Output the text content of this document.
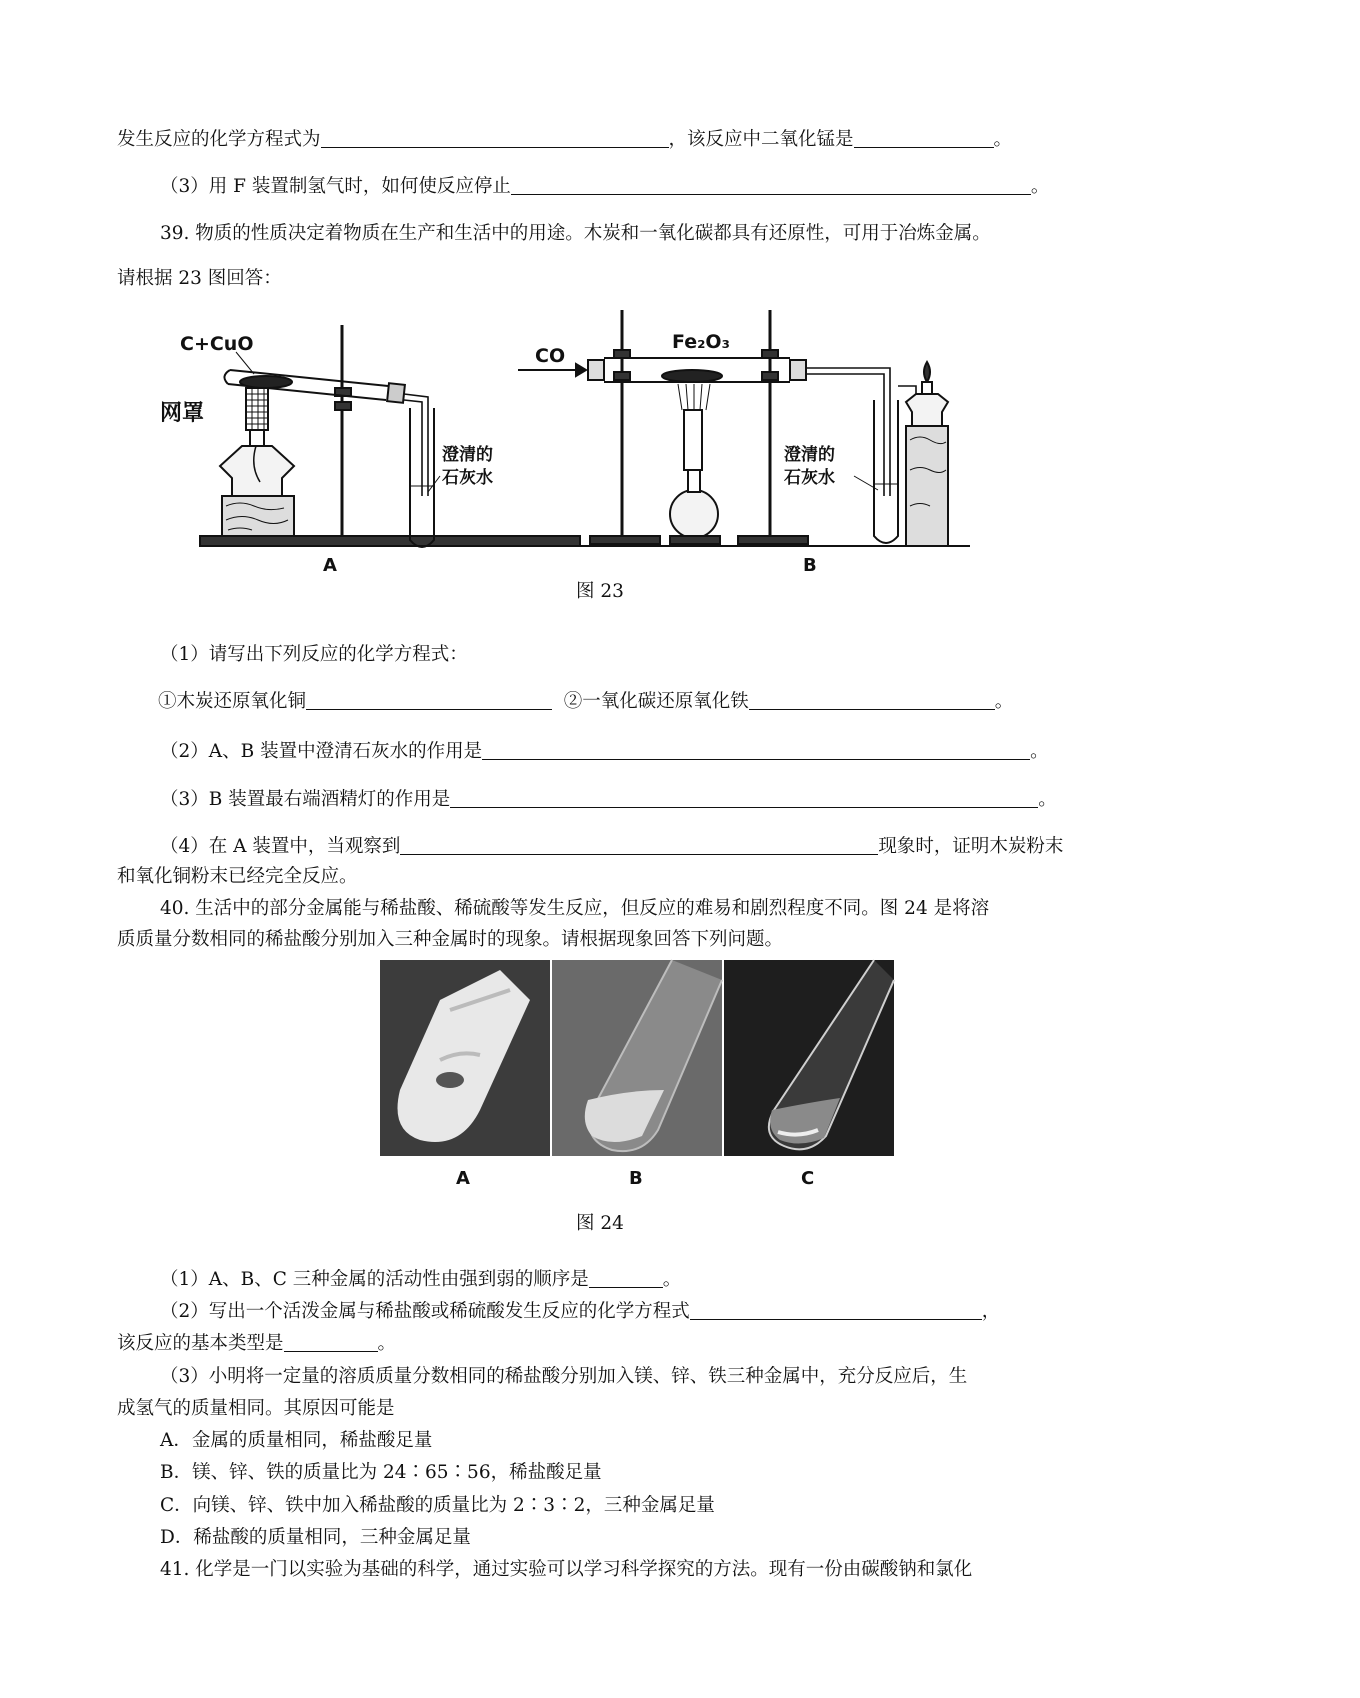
发生反应的化学方程式为	，该反应中二氧化锰是	。
（3）用 F 装置制氢气时，如何使反应停止	。
39. 物质的性质决定着物质在生产和生活中的用途。木炭和一氧化碳都具有还原性，可用于冶炼金属。
请根据 23 图回答：
澄清的
石灰水
C+CuO
网罩
CO
Fe₂O₃
澄清的
石灰水
A	B
图 23
（1）请写出下列反应的化学方程式：
①木炭还原氧化铜	②一氧化碳还原氧化铁	。
（2）A、B 装置中澄清石灰水的作用是	。
（3）B 装置最右端酒精灯的作用是	。
（4）在 A 装置中，当观察到	现象时，证明木炭粉末
和氧化铜粉末已经完全反应。
40. 生活中的部分金属能与稀盐酸、稀硫酸等发生反应，但反应的难易和剧烈程度不同。图 24 是将溶
质质量分数相同的稀盐酸分别加入三种金属时的现象。请根据现象回答下列问题。
A	B	C
图 24
（1）A、B、C 三种金属的活动性由强到弱的顺序是	。
（2）写出一个活泼金属与稀盐酸或稀硫酸发生反应的化学方程式	，
该反应的基本类型是	。
（3）小明将一定量的溶质质量分数相同的稀盐酸分别加入镁、锌、铁三种金属中，充分反应后，生
成氢气的质量相同。其原因可能是
A．金属的质量相同，稀盐酸足量
B．镁、锌、铁的质量比为 24∶65∶56，稀盐酸足量
C．向镁、锌、铁中加入稀盐酸的质量比为 2∶3∶2，三种金属足量
D．稀盐酸的质量相同，三种金属足量
41. 化学是一门以实验为基础的科学，通过实验可以学习科学探究的方法。现有一份由碳酸钠和氯化
